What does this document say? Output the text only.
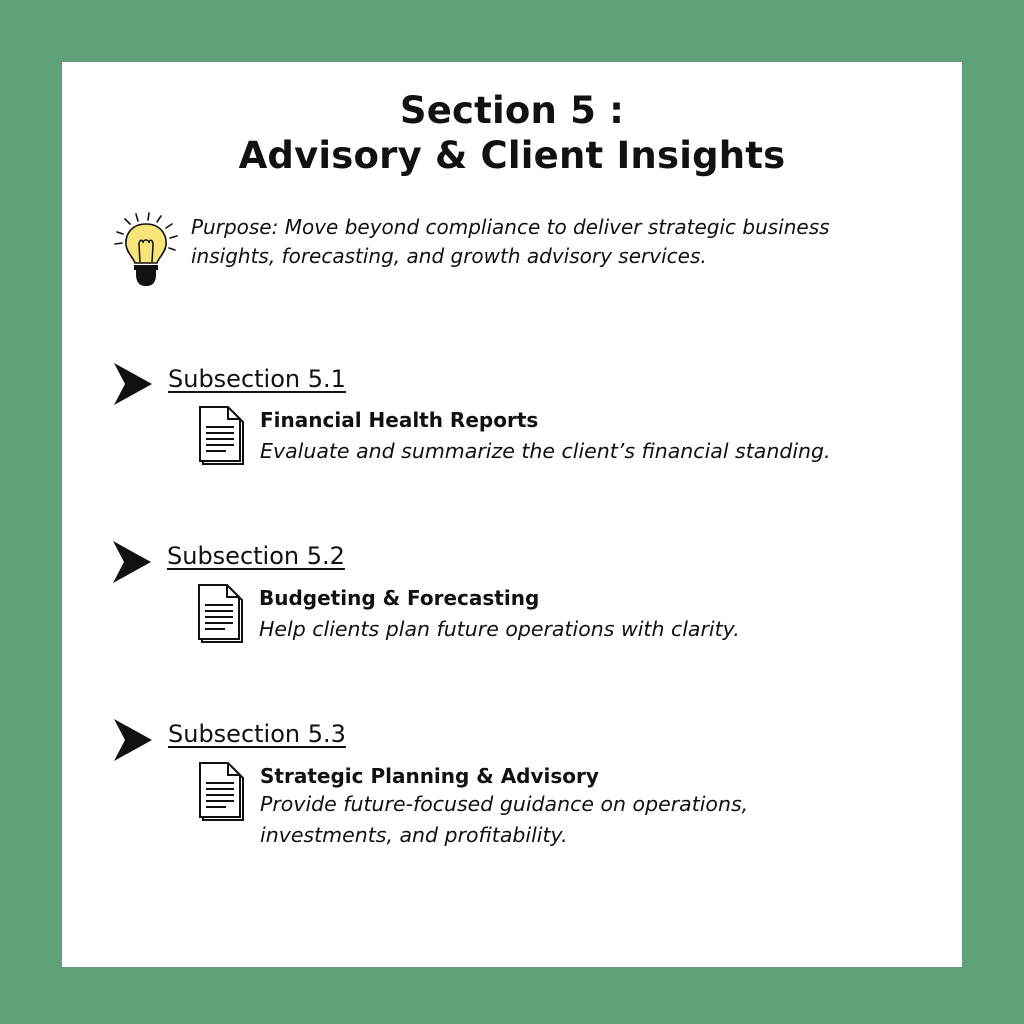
Section 5 :
Advisory & Client Insights
Purpose: Move beyond compliance to deliver strategic business insights, forecasting, and growth advisory services.
Subsection 5.1
Financial Health Reports
Evaluate and summarize the client’s financial standing.
Subsection 5.2
Budgeting & Forecasting
Help clients plan future operations with clarity.
Subsection 5.3
Strategic Planning & Advisory
Provide future-focused guidance on operations, investments, and profitability.
